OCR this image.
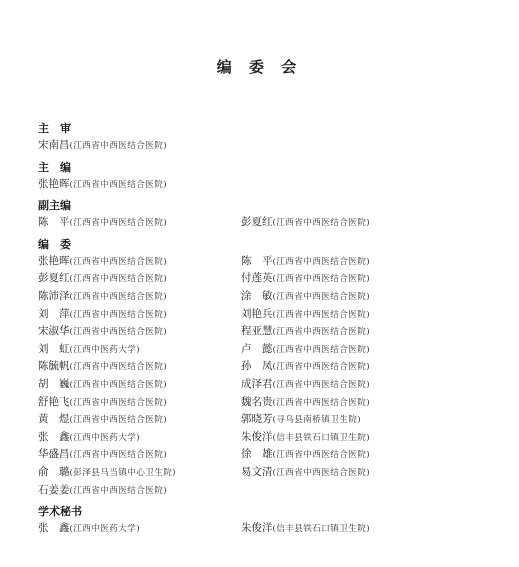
编 委 会
主　审
宋南昌(江西省中西医结合医院)
主　编
张艳晖(江西省中西医结合医院)
副主编
陈　平(江西省中西医结合医院)	彭夏红(江西省中西医结合医院)
编　委
张艳晖(江西省中西医结合医院)	陈　平(江西省中西医结合医院)
彭夏红(江西省中西医结合医院)	付莲英(江西省中西医结合医院)
陈沛泽(江西省中西医结合医院)	涂　敏(江西省中西医结合医院)
刘　萍(江西省中西医结合医院)	刘艳兵(江西省中西医结合医院)
宋淑华(江西省中西医结合医院)	程亚慧(江西省中西医结合医院)
刘　虹(江西中医药大学)	卢　懿(江西省中西医结合医院)
陈毓帆(江西省中西医结合医院)	孙　凤(江西省中西医结合医院)
胡　巍(江西省中西医结合医院)	成泽君(江西省中西医结合医院)
舒艳飞(江西省中西医结合医院)	魏名贵(江西省中西医结合医院)
黄　煜(江西省中西医结合医院)	郭晓芳(寻乌县南桥镇卫生院)
张　鑫(江西中医药大学)	朱俊洋(信丰县铁石口镇卫生院)
华盛昌(江西省中西医结合医院)	徐　雄(江西省中西医结合医院)
俞　璐(彭泽县马当镇中心卫生院)	易文清(江西省中西医结合医院)
石姜姜(江西省中西医结合医院)
学术秘书
张　鑫(江西中医药大学)	朱俊洋(信丰县铁石口镇卫生院)
